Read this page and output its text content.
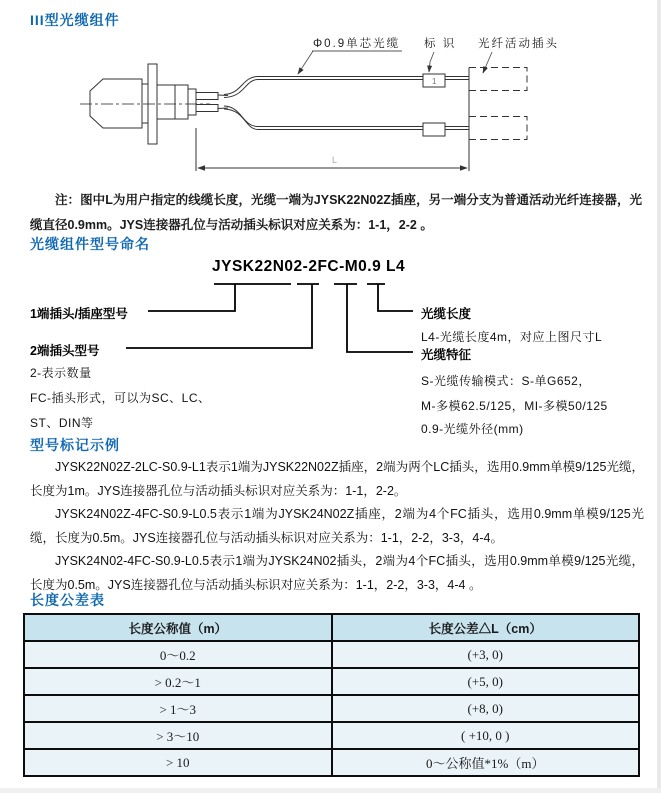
III型光缆组件
Φ0.9单芯光缆 标 识 光纤活动插头
1
L

注：图中L为用户指定的线缆长度，光缆一端为JYSK22N02Z插座，另一端分支为普通活动光纤连接器，光缆直径0.9mm。JYS连接器孔位与活动插头标识对应关系为：1-1，2-2 。

光缆组件型号命名
JYSK22N02-2FC-M0.9 L4
1端插头/插座型号
2端插头型号
2-表示数量
FC-插头形式，可以为SC、LC、
ST、DIN等
光缆长度
L4-光缆长度4m，对应上图尺寸L
光缆特征
S-光缆传输模式：S-单G652，
M-多模62.5/125，MI-多模50/125
0.9-光缆外径(mm)
型号标记示例

JYSK22N02Z-2LC-S0.9-L1表示1端为JYSK22N02Z插座，2端为两个LC插头，选用0.9mm单模9/125光缆，长度为1m。JYS连接器孔位与活动插头标识对应关系为：1-1，2-2。

JYSK24N02Z-4FC-S0.9-L0.5表示1端为JYSK24N02Z插座，2端为4个FC插头，选用0.9mm单模9/125光缆，长度为0.5m。JYS连接器孔位与活动插头标识对应关系为：1-1，2-2，3-3，4-4。

JYSK24N02-4FC-S0.9-L0.5表示1端为JYSK24N02插头，2端为4个FC插头，选用0.9mm单模9/125光缆，长度为0.5m。JYS连接器孔位与活动插头标识对应关系为：1-1，2-2，3-3，4-4 。

长度公差表
长度公称值（m）	长度公差△L（cm）
0～0.2	(+3, 0)
> 0.2～1	(+5, 0)
> 1～3	(+8, 0)
> 3～10	( +10, 0 )
> 10	0～公称值*1%（m）
